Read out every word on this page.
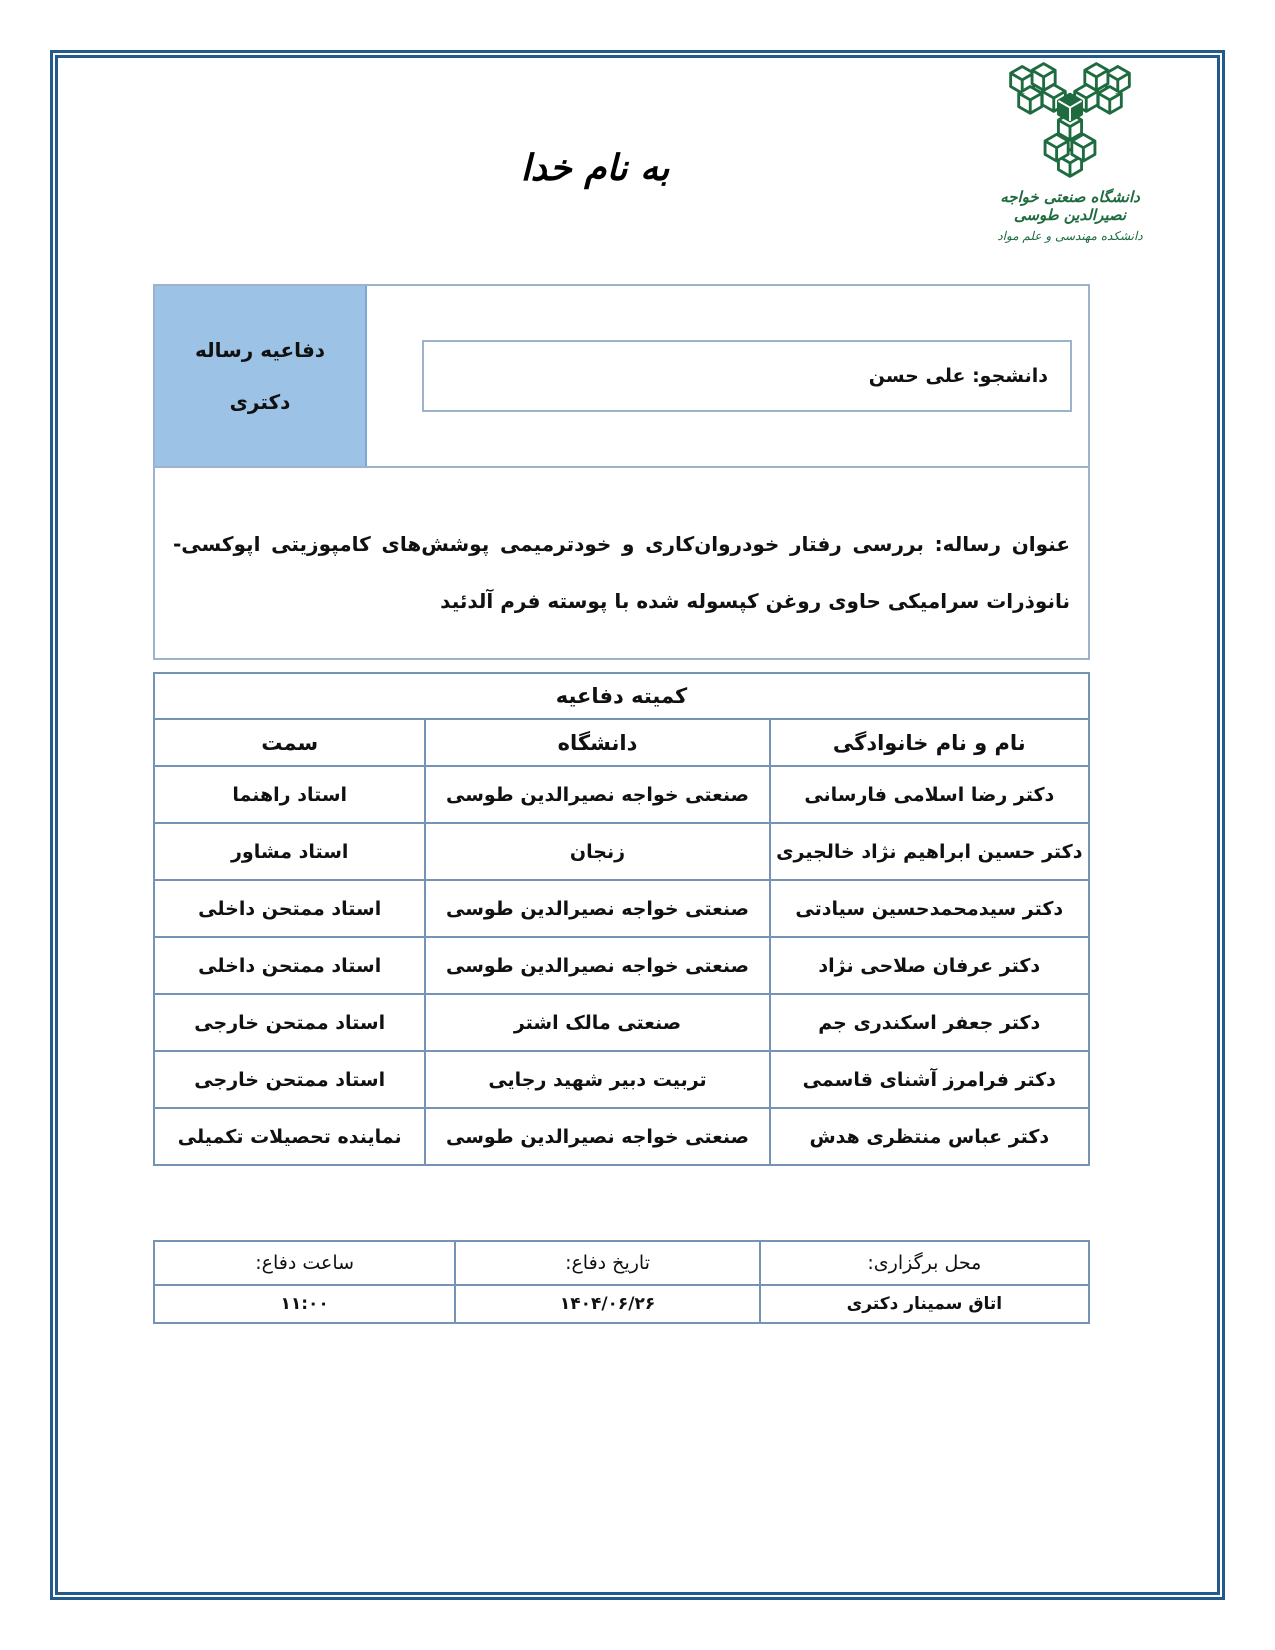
دانشگاه صنعتی خواجه نصیرالدین طوسی
دانشکده مهندسی و علم مواد
به نام خدا
دفاعیه رساله دکتری
دانشجو: علی حسن
عنوان رساله: بررسی رفتار خودروان‌کاری و خودترمیمی پوشش‌های کامپوزیتی اپوکسی-نانوذرات سرامیکی حاوی روغن کپسوله شده با پوسته فرم آلدئید
کمیته دفاعیه		
نام و نام خانوادگی	دانشگاه	سمت
دکتر رضا اسلامی فارسانی	صنعتی خواجه نصیرالدین طوسی	استاد راهنما
دکتر حسین ابراهیم نژاد خالجیری	زنجان	استاد مشاور
دکتر سیدمحمدحسین سیادتی	صنعتی خواجه نصیرالدین طوسی	استاد ممتحن داخلی
دکتر عرفان صلاحی نژاد	صنعتی خواجه نصیرالدین طوسی	استاد ممتحن داخلی
دکتر جعفر اسکندری جم	صنعتی مالک اشتر	استاد ممتحن خارجی
دکتر فرامرز آشنای قاسمی	تربیت دبیر شهید رجایی	استاد ممتحن خارجی
دکتر عباس منتظری هدش	صنعتی خواجه نصیرالدین طوسی	نماینده تحصیلات تکمیلی
محل برگزاری:	تاریخ دفاع:	ساعت دفاع:
اتاق سمینار دکتری	۱۴۰۴/۰۶/۲۶	۱۱:۰۰
